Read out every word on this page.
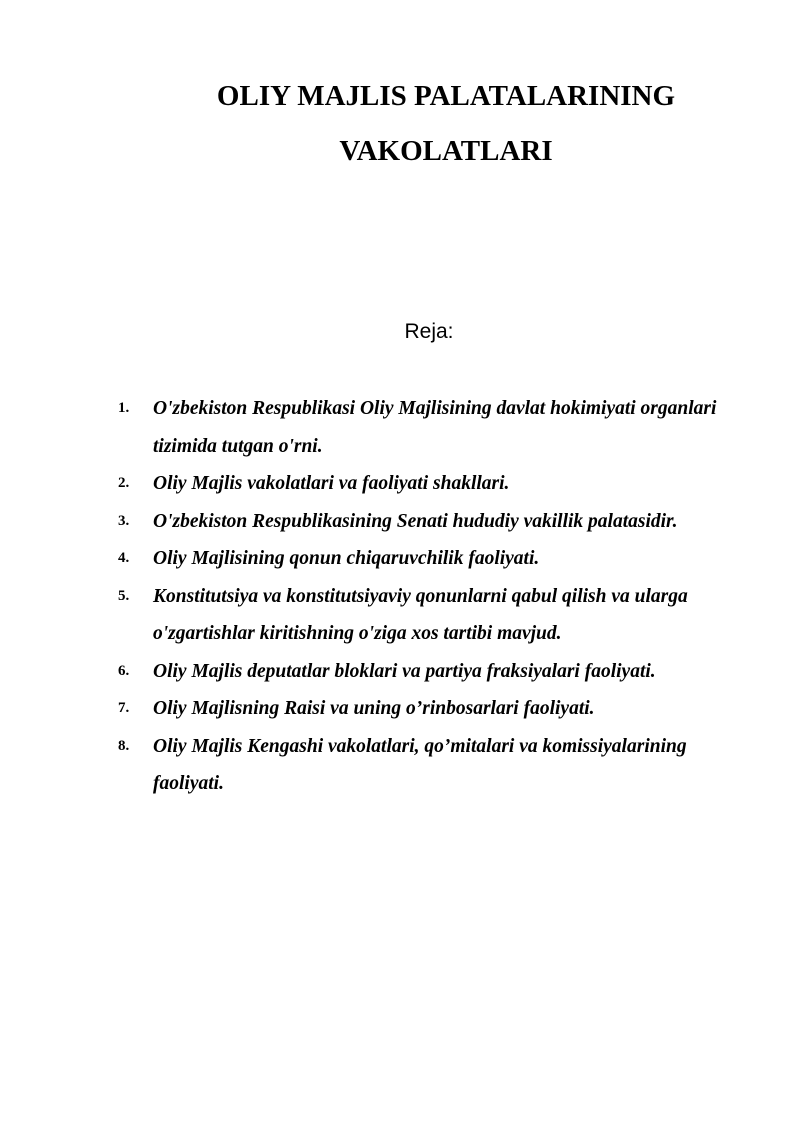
OLIY MAJLIS PALATALARINING
VAKOLATLARI

Reja:

1.	O'zbekiston Respublikasi Oliy Majlisining davlat hokimiyati organlari tizimida tutgan o'rni.
2.	Oliy Majlis vakolatlari va faoliyati shakllari.
3.	O'zbekiston Respublikasining Senati hududiy vakillik palatasidir.
4.	Oliy Majlisining qonun chiqaruvchilik faoliyati.
5.	Konstitutsiya va konstitutsiyaviy qonunlarni qabul qilish va ularga o'zgartishlar kiritishning o'ziga xos tartibi mavjud.
6.	Oliy Majlis deputatlar bloklari va partiya fraksiyalari faoliyati.
7.	Oliy Majlisning Raisi va uning o’rinbosarlari faoliyati.
8.	Oliy Majlis Kengashi vakolatlari, qo’mitalari va komissiyalarining faoliyati.
